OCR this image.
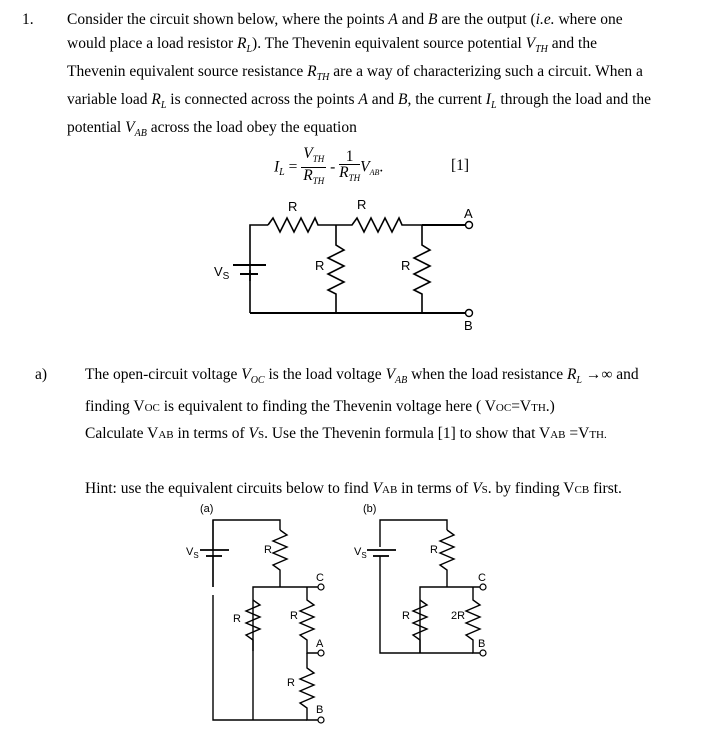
1. Consider the circuit shown below, where the points A and B are the output (i.e. where one
would place a load resistor $R_L$). The Thevenin equivalent source potential $V_{TH}$ and the
Thevenin equivalent source resistance $R_{TH}$ are a way of characterizing such a circuit. When a
variable load $R_L$ is connected across the points A and B, the current $I_L$ through the load and the
potential $V_{AB}$ across the load obey the equation
$I_L = \frac{V_{TH}}{R_{TH}} - \frac{1}{R_{TH}} V_{AB}$.	[1]
R	R
R	R
$V_S$
A
B
a) The open-circuit voltage $V_{OC}$ is the load voltage $V_{AB}$ when the load resistance $R_L$ →∞ and
finding VOC is equivalent to finding the Thevenin voltage here ( VOC=VTH.)
Calculate VAB in terms of VS. Use the Thevenin formula [1] to show that VAB =VTH.
Hint: use the equivalent circuits below to find VAB in terms of VS. by finding VCB first.
(a)
$V_S$	R
R	R
R
C
A
B
(b)
$V_S$	R
R	2R
C
B
